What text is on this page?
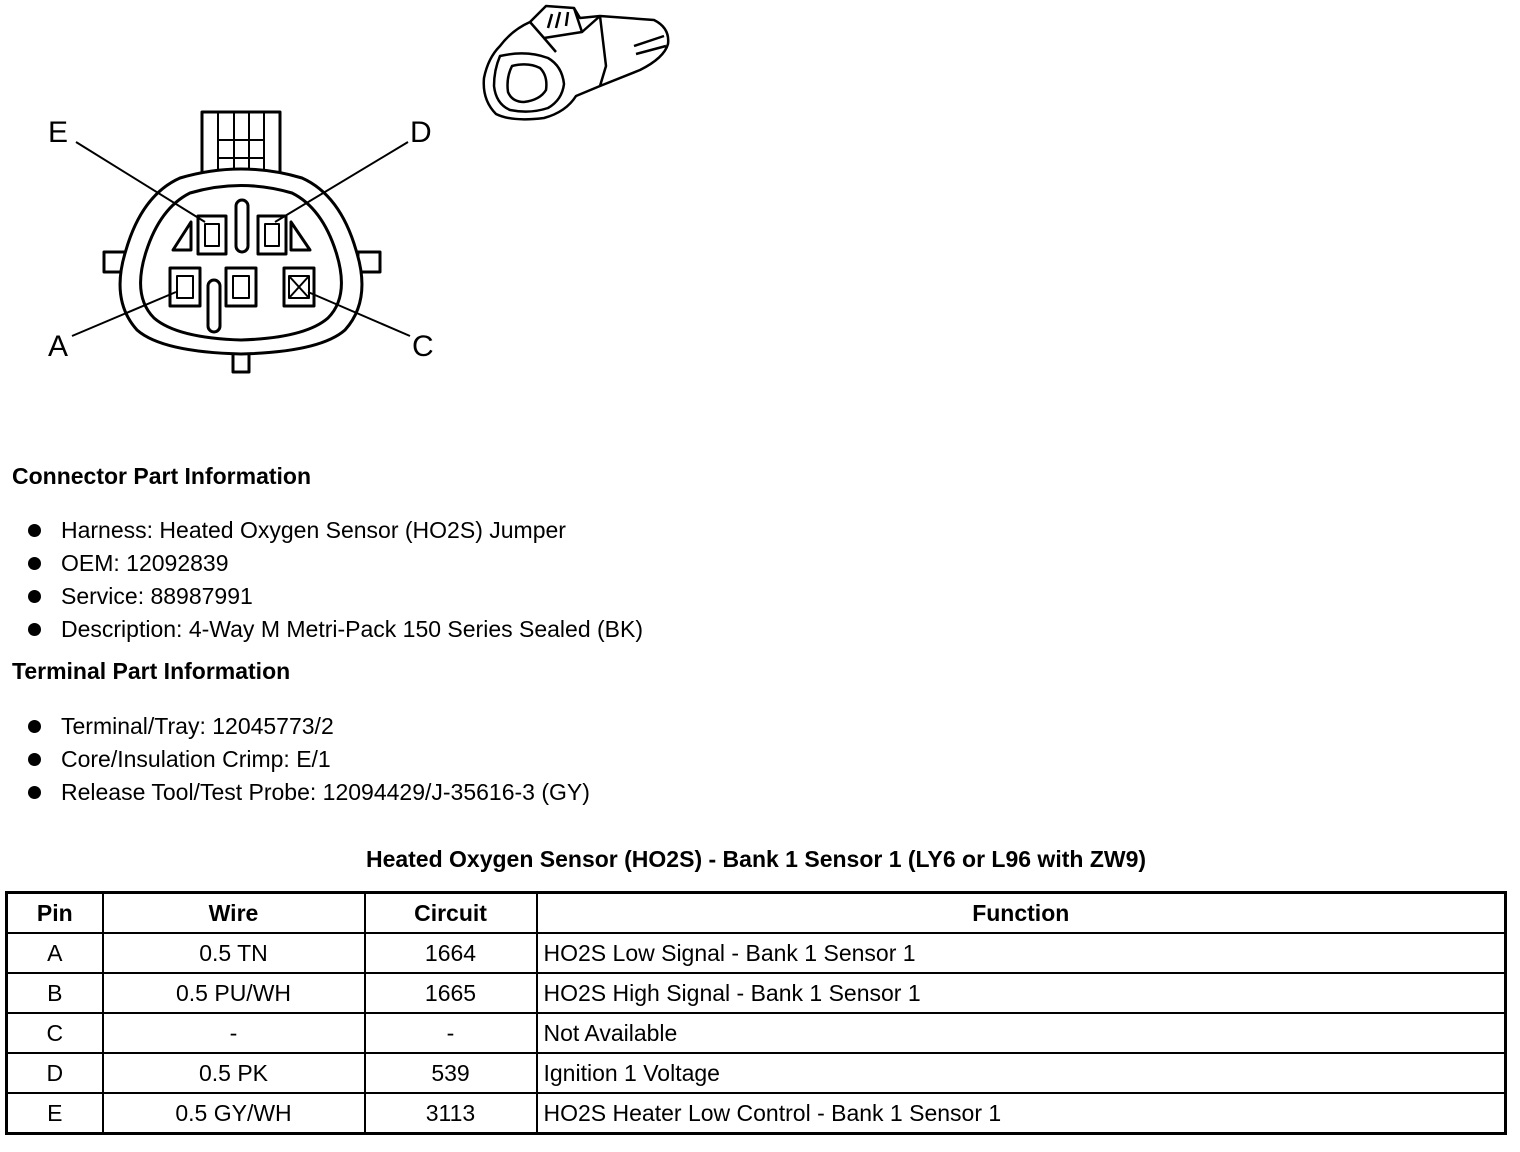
E	D
A	C
Connector Part Information
Harness: Heated Oxygen Sensor (HO2S) Jumper
OEM: 12092839
Service: 88987991
Description: 4-Way M Metri-Pack 150 Series Sealed (BK)
Terminal Part Information
Terminal/Tray: 12045773/2
Core/Insulation Crimp: E/1
Release Tool/Test Probe: 12094429/J-35616-3 (GY)
Heated Oxygen Sensor (HO2S) - Bank 1 Sensor 1 (LY6 or L96 with ZW9)
Pin	Wire	Circuit	Function
A	0.5 TN	1664	HO2S Low Signal - Bank 1 Sensor 1
B	0.5 PU/WH	1665	HO2S High Signal - Bank 1 Sensor 1
C	-	-	Not Available
D	0.5 PK	539	Ignition 1 Voltage
E	0.5 GY/WH	3113	HO2S Heater Low Control - Bank 1 Sensor 1
